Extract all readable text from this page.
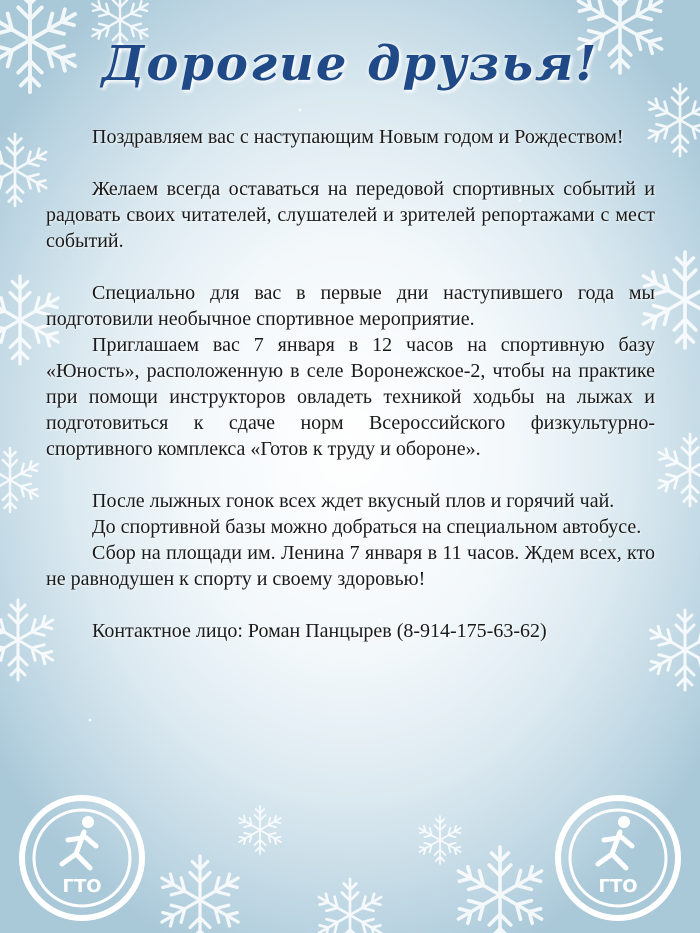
Дорогие друзья!

Поздравляем вас с наступающим Новым годом и Рождеством!

Желаем всегда оставаться на передовой спортивных событий и радовать своих читателей, слушателей и зрителей репортажами с мест событий.

Специально для вас в первые дни наступившего года мы подготовили необычное спортивное мероприятие.

Приглашаем вас 7 января в 12 часов на спортивную базу «Юность», расположенную в селе Воронежское-2, чтобы на практике при помощи инструкторов овладеть техникой ходьбы на лыжах и подготовиться к сдаче норм Всероссийского физкультурно-спортивного комплекса «Готов к труду и обороне».

После лыжных гонок всех ждет вкусный плов и горячий чай.

До спортивной базы можно добраться на специальном автобусе.

Сбор на площади им. Ленина 7 января в 11 часов. Ждем всех, кто не равнодушен к спорту и своему здоровью!

Контактное лицо: Роман Панцырев (8-914-175-63-62)

ГТО	ГТО
